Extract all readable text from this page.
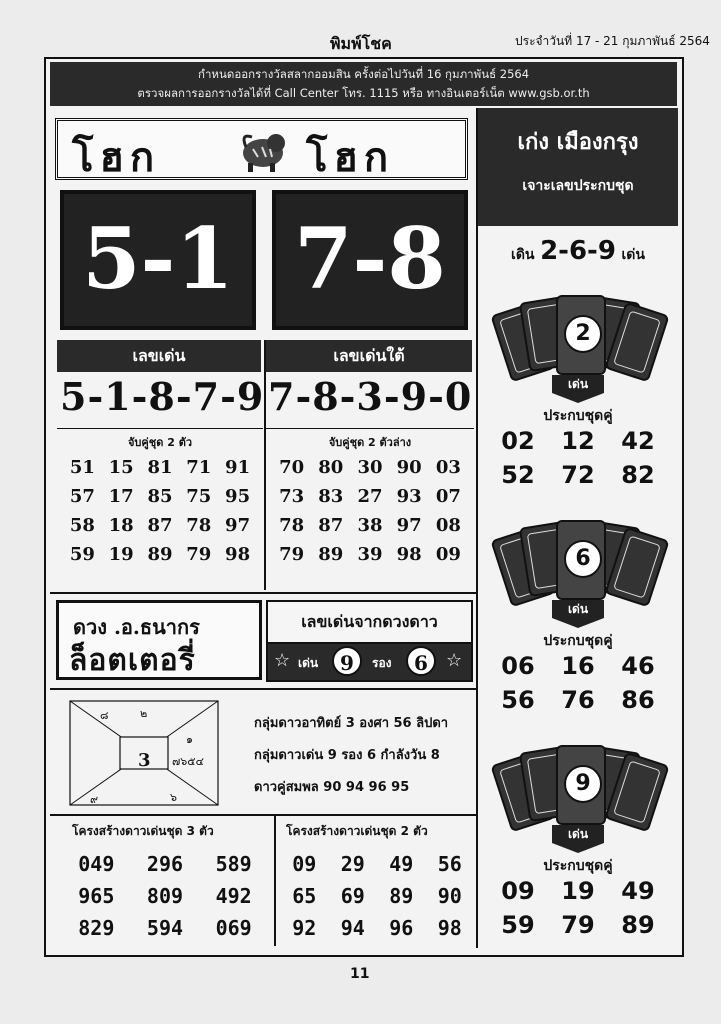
พิมพ์โชค	ประจำวันที่ 17 - 21 กุมภาพันธ์ 2564
กำหนดออกรางวัลสลากออมสิน ครั้งต่อไปวันที่ 16 กุมภาพันธ์ 2564
ตรวจผลการออกรางวัลได้ที่ Call Center โทร. 1115 หรือ ทางอินเตอร์เน็ต www.gsb.or.th
โฮก	โฮก
5-1 7-8
เลขเด่น	เลขเด่นใต้
5-1-8-7-9 7-8-3-9-0
จับคู่ชุด 2 ตัว
51 15 81 71 91
57 17 85 75 95
58 18 87 78 97
59 19 89 79 98
จับคู่ชุด 2 ตัวล่าง
70 80 30 90 03
73 83 27 93 07
78 87 38 97 08
79 89 39 98 09
ดวง .อ.ธนากร
ล็อตเตอรี่
เลขเด่นจากดวงดาว
☆ เด่น	9	รอง	6	☆
3
๘	๒
๑
๗๖๕๔
๖
๙
กลุ่มดาวอาทิตย์ 3 องศา 56 ลิปดา
กลุ่มดาวเด่น 9 รอง 6 กำลังวัน 8
ดาวคู่สมพล 90 94 96 95
โครงสร้างดาวเด่นชุด 3 ตัว	โครงสร้างดาวเด่นชุด 2 ตัว
049	296	589
965	809	492
829	594	069
09	29	49	56
65	69	89	90
92	94	96	98
เก่ง เมืองกรุง
เจาะเลขประกบชุด
เดิน 2-6-9 เด่น
2
เด่น
ประกบชุดคู่
02	12	42
52	72	82
6
เด่น
ประกบชุดคู่
06	16	46
56	76	86
9
เด่น
ประกบชุดคู่
09	19	49
59	79	89
11
